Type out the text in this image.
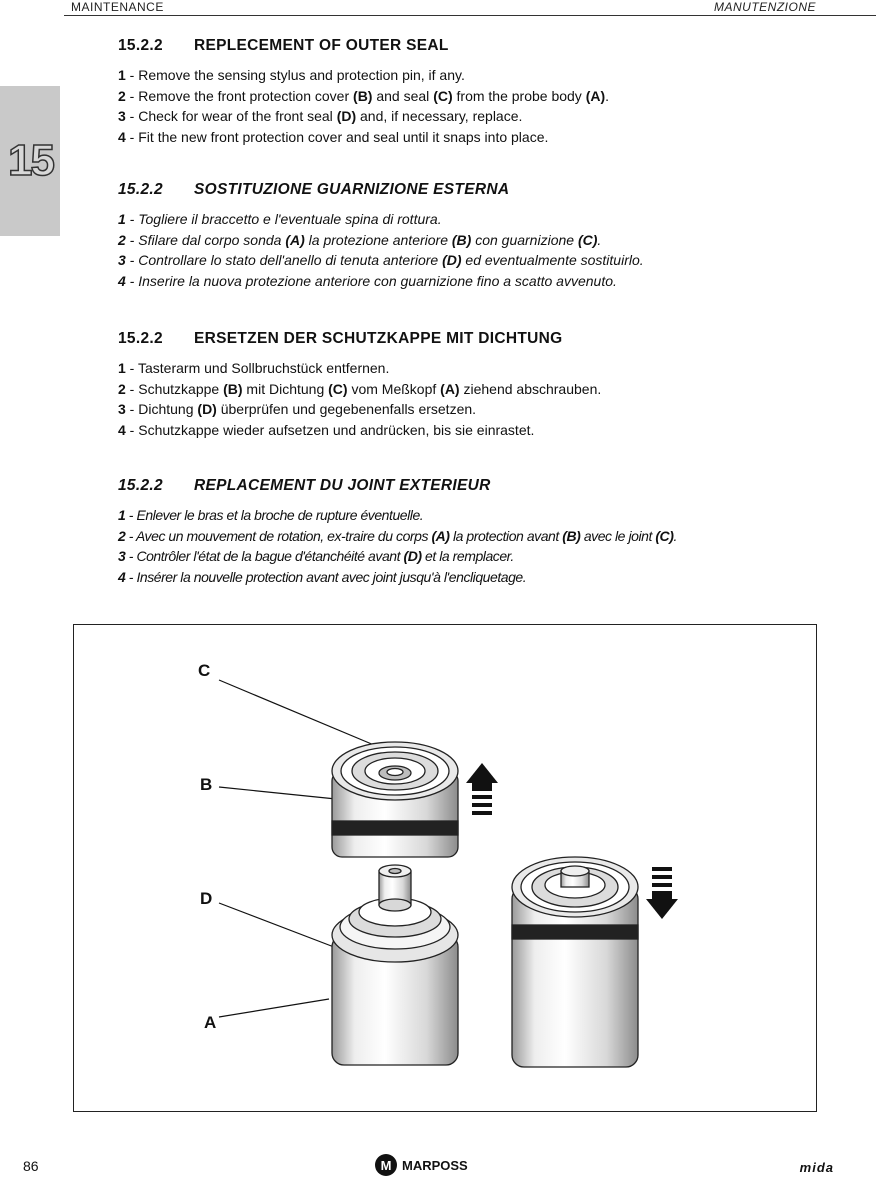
MAINTENANCE	MANUTENZIONE
15
15.2.2 REPLECEMENT OF OUTER SEAL
1 - Remove the sensing stylus and protection pin, if any.
2 - Remove the front protection cover (B) and seal (C) from the probe body (A).
3 - Check for wear of the front seal (D) and, if necessary, replace.
4 - Fit the new front protection cover and seal until it snaps into place.
15.2.2 SOSTITUZIONE GUARNIZIONE ESTERNA
1 - Togliere il braccetto e l'eventuale spina di rottura.
2 - Sfilare dal corpo sonda (A) la protezione anteriore (B) con guarnizione (C).
3 - Controllare lo stato dell'anello di tenuta anteriore (D) ed eventualmente sostituirlo.
4 - Inserire la nuova protezione anteriore con guarnizione fino a scatto avvenuto.
15.2.2 ERSETZEN DER SCHUTZKAPPE MIT DICHTUNG
1 - Tasterarm und Sollbruchstück entfernen.
2 - Schutzkappe (B) mit Dichtung (C) vom Meßkopf (A) ziehend abschrauben.
3 - Dichtung (D) überprüfen und gegebenenfalls ersetzen.
4 - Schutzkappe wieder aufsetzen und andrücken, bis sie einrastet.
15.2.2 REPLACEMENT DU JOINT EXTERIEUR
1 - Enlever le bras et la broche de rupture éventuelle.
2 - Avec un mouvement de rotation, ex-traire du corps (A) la protection avant (B) avec le joint (C).
3 - Contrôler l'état de la bague d'étanchéité avant (D) et la remplacer.
4 - Insérer la nouvelle protection avant avec joint jusqu'à l'encliquetage.
C
B
D
A
86	M MARPOSS	mida
